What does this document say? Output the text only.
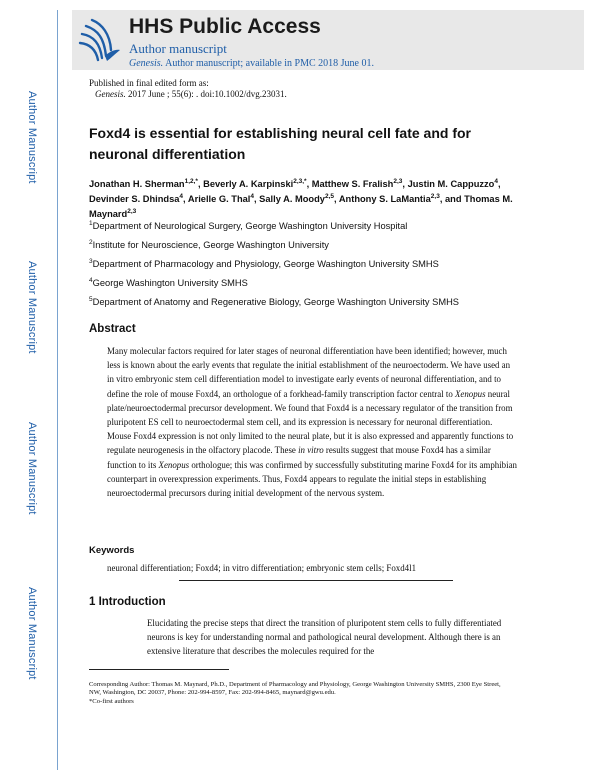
Author Manuscript
Author Manuscript
Author Manuscript
Author Manuscript
HHS Public Access
Author manuscript
Genesis. Author manuscript; available in PMC 2018 June 01.
Published in final edited form as:
Genesis. 2017 June ; 55(6): . doi:10.1002/dvg.23031.
Foxd4 is essential for establishing neural cell fate and for neuronal differentiation
Jonathan H. Sherman$^{1,2,*}$, Beverly A. Karpinski$^{2,3,*}$, Matthew S. Fralish$^{2,3}$, Justin M. Cappuzzo$^4$, Devinder S. Dhindsa$^4$, Arielle G. Thal$^4$, Sally A. Moody$^{2,5}$, Anthony S. LaMantia$^{2,3}$, and Thomas M. Maynard$^{2,3}$
$^1$Department of Neurological Surgery, George Washington University Hospital
$^2$Institute for Neuroscience, George Washington University
$^3$Department of Pharmacology and Physiology, George Washington University SMHS
$^4$George Washington University SMHS
$^5$Department of Anatomy and Regenerative Biology, George Washington University SMHS
Abstract
Many molecular factors required for later stages of neuronal differentiation have been identified; however, much less is known about the early events that regulate the initial establishment of the neuroectoderm. We have used an in vitro embryonic stem cell differentiation model to investigate early events of neuronal differentiation, and to define the role of mouse Foxd4, an orthologue of a forkhead-family transcription factor central to Xenopus neural plate/neuroectodermal precursor development. We found that Foxd4 is a necessary regulator of the transition from pluripotent ES cell to neuroectodermal stem cell, and its expression is necessary for neuronal differentiation. Mouse Foxd4 expression is not only limited to the neural plate, but it is also expressed and apparently functions to regulate neurogenesis in the olfactory placode. These in vitro results suggest that mouse Foxd4 has a similar function to its Xenopus orthologue; this was confirmed by successfully substituting marine Foxd4 for its amphibian counterpart in overexpression experiments. Thus, Foxd4 appears to regulate the initial steps in establishing neuroectodermal precursors during initial development of the nervous system.
Keywords
neuronal differentiation; Foxd4; in vitro differentiation; embryonic stem cells; Foxd4l1
1 Introduction
Elucidating the precise steps that direct the transition of pluripotent stem cells to fully differentiated neurons is key for understanding normal and pathological neural development. Although there is an extensive literature that describes the molecules required for the
Corresponding Author: Thomas M. Maynard, Ph.D., Department of Pharmacology and Physiology, George Washington University SMHS, 2300 Eye Street, NW, Washington, DC 20037, Phone: 202-994-8597, Fax: 202-994-8465, maynard@gwu.edu.
*Co-first authors
